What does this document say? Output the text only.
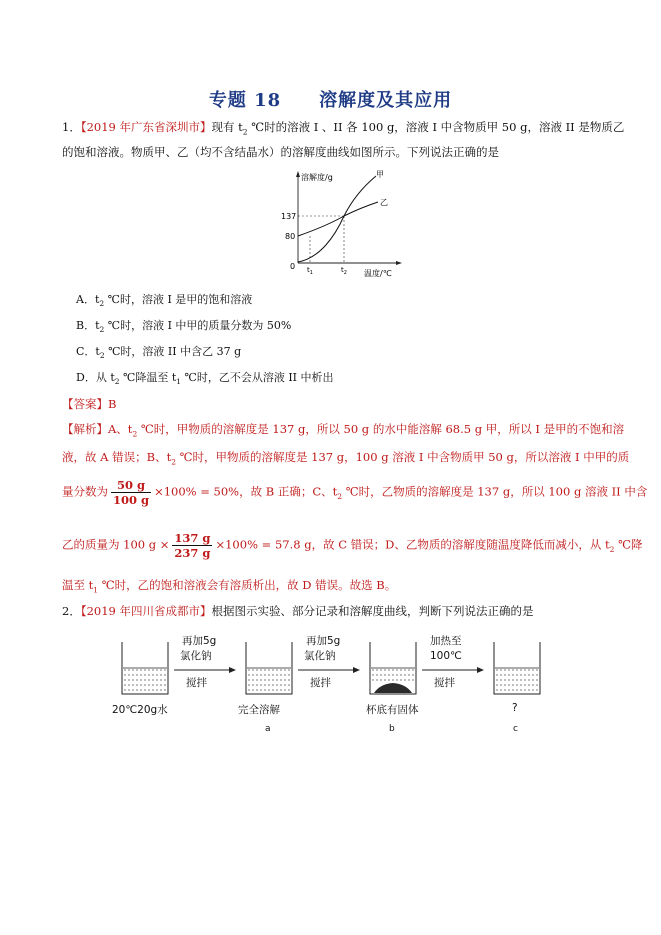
专题 18　　溶解度及其应用
1．【2019 年广东省深圳市】现有 $t_2$ ℃时的溶液 I 、II 各 100 g，溶液 I 中含物质甲 50 g，溶液 II 是物质乙
的饱和溶液。物质甲、乙（均不含结晶水）的溶解度曲线如图所示。下列说法正确的是
溶解度/g	甲
乙
137
80
0 $t_1$	$t_2$ 温度/℃
A．$t_2$ ℃时，溶液 I 是甲的饱和溶液
B．$t_2$ ℃时，溶液 I 中甲的质量分数为 50%
C．$t_2$ ℃时，溶液 II 中含乙 37 g
D．从 $t_2$ ℃降温至 $t_1$ ℃时，乙不会从溶液 II 中析出
【答案】B
【解析】A、$t_2$ ℃时，甲物质的溶解度是 137 g，所以 50 g 的水中能溶解 68.5 g 甲，所以 I 是甲的不饱和溶
液，故 A 错误；B、$t_2$ ℃时，甲物质的溶解度是 137 g，100 g 溶液 I 中含物质甲 50 g，所以溶液 I 中甲的质
量分数为 $\frac{50 g}{100 g} \times 100\% = 50\%$，故 B 正确；C、$t_2$ ℃时，乙物质的溶解度是 137 g，所以 100 g 溶液 II 中含
乙的质量为 100 $g \times \frac{137 g}{237 g} \times 100\% = 57.8$ g，故 C 错误；D、乙物质的溶解度随温度降低而减小，从 $t_2$ ℃降
温至 $t_1$ ℃时，乙的饱和溶液会有溶质析出，故 D 错误。故选 B。
2．【2019 年四川省成都市】根据图示实验、部分记录和溶解度曲线，判断下列说法正确的是
再加5g
氯化钠
搅拌
再加5g
氯化钠
搅拌
加热至
100℃
搅拌
20℃20g水	完全溶解	杯底有固体	?
a	b	c
